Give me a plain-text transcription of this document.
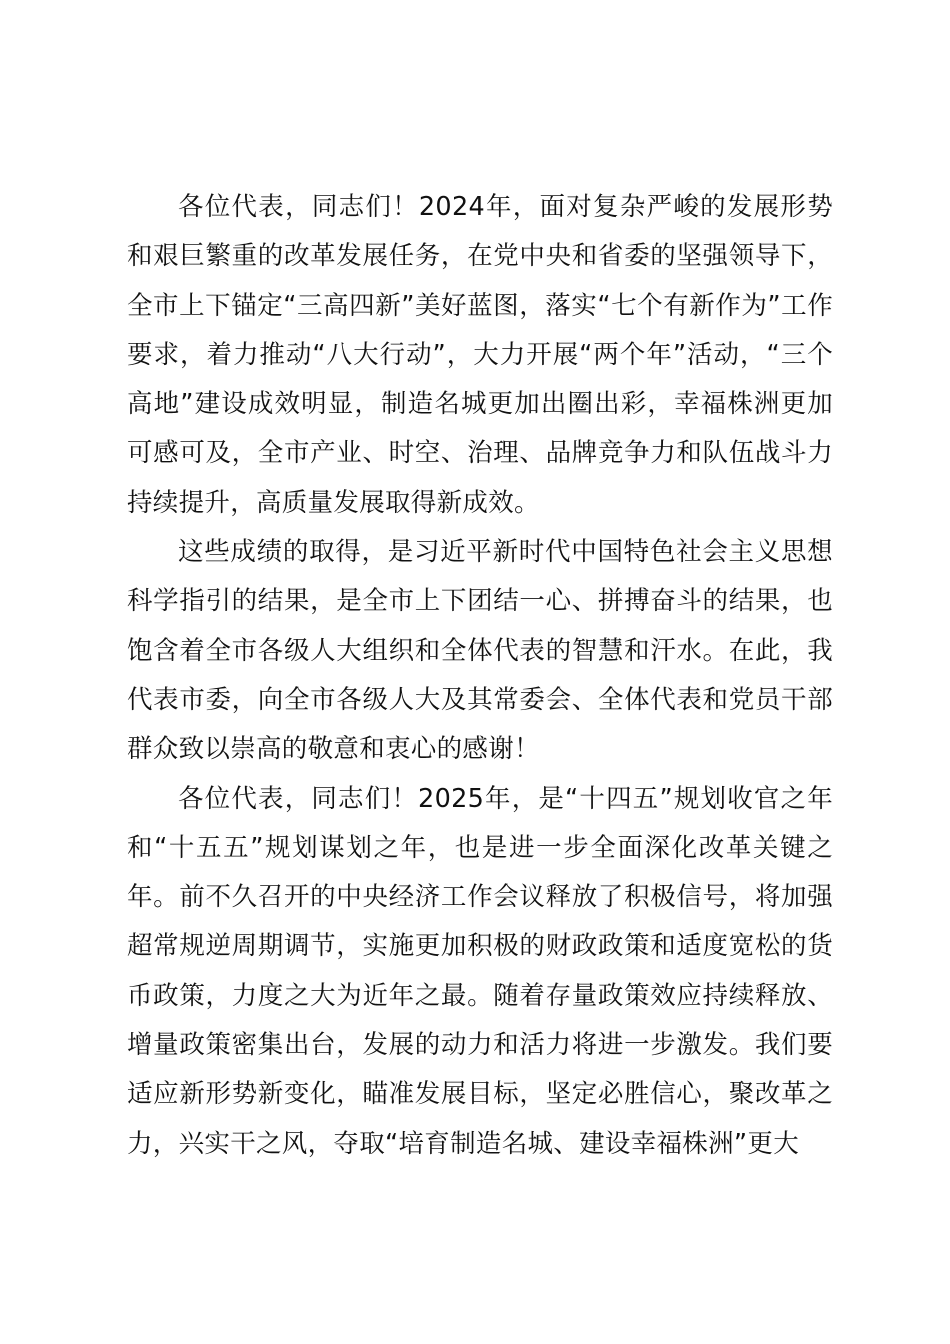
各位代表，同志们！2024年，面对复杂严峻的发展形势和艰巨繁重的改革发展任务，在党中央和省委的坚强领导下，全市上下锚定“三高四新”美好蓝图，落实“七个有新作为”工作要求，着力推动“八大行动”，大力开展“两个年”活动，“三个高地”建设成效明显，制造名城更加出圈出彩，幸福株洲更加可感可及，全市产业、时空、治理、品牌竞争力和队伍战斗力持续提升，高质量发展取得新成效。

这些成绩的取得，是习近平新时代中国特色社会主义思想科学指引的结果，是全市上下团结一心、拼搏奋斗的结果，也饱含着全市各级人大组织和全体代表的智慧和汗水。在此，我代表市委，向全市各级人大及其常委会、全体代表和党员干部群众致以崇高的敬意和衷心的感谢！

各位代表，同志们！2025年，是“十四五”规划收官之年和“十五五”规划谋划之年，也是进一步全面深化改革关键之年。前不久召开的中央经济工作会议释放了积极信号，将加强超常规逆周期调节，实施更加积极的财政政策和适度宽松的货币政策，力度之大为近年之最。随着存量政策效应持续释放、增量政策密集出台，发展的动力和活力将进一步激发。我们要适应新形势新变化，瞄准发展目标，坚定必胜信心，聚改革之力，兴实干之风，夺取“培育制造名城、建设幸福株洲”更大
